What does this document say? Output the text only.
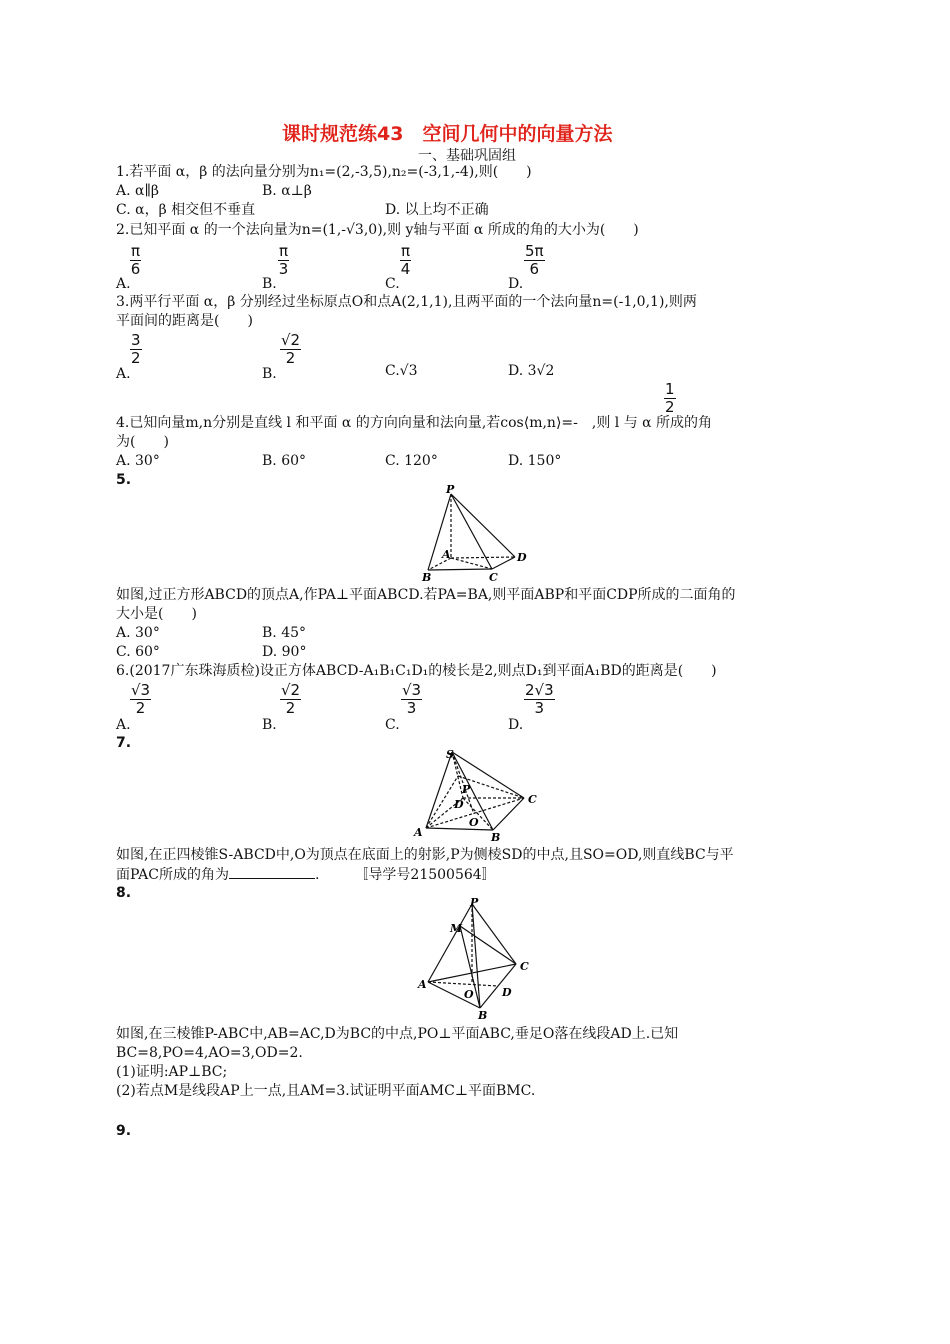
课时规范练43　空间几何中的向量方法
一、基础巩固组
1.若平面 α，β 的法向量分别为n₁=(2,-3,5),n₂=(-3,1,-4),则(　　)
A. α∥β	B. α⊥β
C. α，β 相交但不垂直	D. 以上均不正确
2.已知平面 α 的一个法向量为n=(1,-√3,0),则 y轴与平面 α 所成的角的大小为(　　)
A.
$\frac{\pi}{6}$
B.
$\frac{\pi}{3}$
C.
$\frac{\pi}{4}$
D.
$\frac{5\pi}{6}$
3.两平行平面 α，β 分别经过坐标原点O和点A(2,1,1),且两平面的一个法向量n=(-1,0,1),则两
平面间的距离是(　　)
A.
$\frac{3}{2}$
B.
$\frac{√2}{2}$
C.√3	D. 3√2
$\frac{1}{2}$
4.已知向量m,n分别是直线 l 和平面 α 的方向向量和法向量,若cos⟨m,n⟩=- ,则 l 与 α 所成的角
为(　　)
A. 30°	B. 60°	C. 120°	D. 150°
5.
P
A
B	C
D
如图,过正方形ABCD的顶点A,作PA⊥平面ABCD.若PA=BA,则平面ABP和平面CDP所成的二面角的
大小是(　　)
A. 30°	B. 45°
C. 60°	D. 90°
6.(2017广东珠海质检)设正方体ABCD-A₁B₁C₁D₁的棱长是2,则点D₁到平面A₁BD的距离是(　　)
A.
$\frac{√3}{2}$
B.
$\frac{√2}{2}$
C.
$\frac{√3}{3}$
D.
$\frac{2√3}{3}$
7.
S
P
D	C
A
O
B
如图,在正四棱锥S-ABCD中,O为顶点在底面上的射影,P为侧棱SD的中点,且SO=OD,则直线BC与平
面PAC所成的角为	.　　　〚导学号21500564〛
8.
P
M
C
A
O	D
B
如图,在三棱锥P-ABC中,AB=AC,D为BC的中点,PO⊥平面ABC,垂足O落在线段AD上.已知
BC=8,PO=4,AO=3,OD=2.
(1)证明:AP⊥BC;
(2)若点M是线段AP上一点,且AM=3.试证明平面AMC⊥平面BMC.
9.
